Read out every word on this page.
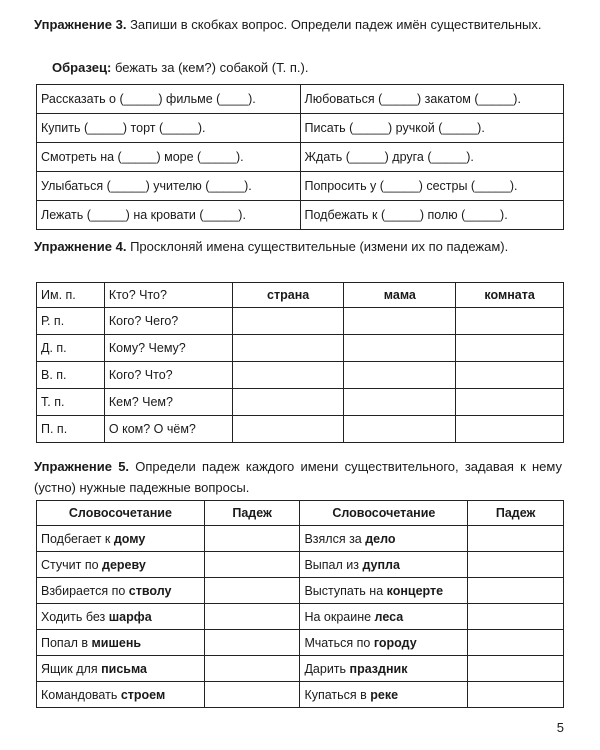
Упражнение 3. Запиши в скобках вопрос. Определи падеж имён существительных.
Образец: бежать за (кем?) собакой (Т. п.).
Рассказать о (_____) фильме (____).	Любоваться (_____) закатом (_____).
Купить (_____) торт (_____).	Писать (_____) ручкой (_____).
Смотреть на (_____) море (_____).	Ждать (_____) друга (_____).
Улыбаться (_____) учителю (_____).	Попросить у (_____) сестры (_____).
Лежать (_____) на кровати (_____).	Подбежать к (_____) полю (_____).
Упражнение 4. Просклоняй имена существительные (измени их по падежам).
Им. п.	Кто? Что?	страна	мама	комната
Р. п.	Кого? Чего?			
Д. п.	Кому? Чему?			
В. п.	Кого? Что?			
Т. п.	Кем? Чем?			
П. п.	О ком? О чём?			
Упражнение 5. Определи падеж каждого имени существительного, задавая к нему (устно) нужные падежные вопросы.
Словосочетание	Падеж	Словосочетание	Падеж
Подбегает к дому		Взялся за дело	
Стучит по дереву		Выпал из дупла	
Взбирается по стволу		Выступать на концерте	
Ходить без шарфа		На окраине леса	
Попал в мишень		Мчаться по городу	
Ящик для письма		Дарить праздник	
Командовать строем		Купаться в реке	
5
